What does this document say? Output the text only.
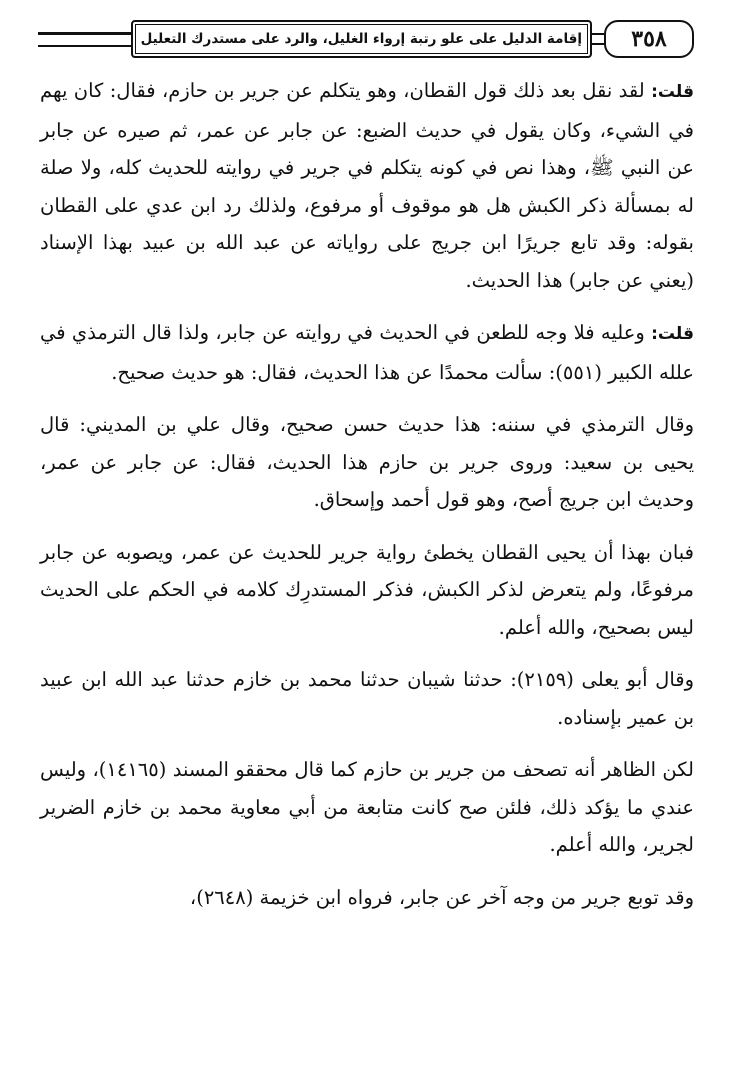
٣٥٨
إقامة الدليل على علو رتبة إرواء الغليل، والرد على مستدرك التعليل

قلت: لقد نقل بعد ذلك قول القطان، وهو يتكلم عن جرير بن حازم، فقال: كان يهم في الشيء، وكان يقول في حديث الضبع: عن جابر عن عمر، ثم صيره عن جابر عن النبي ﷺ، وهذا نص في كونه يتكلم في جرير في روايته للحديث كله، ولا صلة له بمسألة ذكر الكبش هل هو موقوف أو مرفوع، ولذلك رد ابن عدي على القطان بقوله: وقد تابع جريرًا ابن جريج على رواياته عن عبد الله بن عبيد بهذا الإسناد (يعني عن جابر) هذا الحديث.

قلت: وعليه فلا وجه للطعن في الحديث في روايته عن جابر، ولذا قال الترمذي في علله الكبير (٥٥١): سألت محمدًا عن هذا الحديث، فقال: هو حديث صحيح.

وقال الترمذي في سننه: هذا حديث حسن صحيح، وقال علي بن المديني: قال يحيى بن سعيد: وروى جرير بن حازم هذا الحديث، فقال: عن جابر عن عمر، وحديث ابن جريج أصح، وهو قول أحمد وإسحاق.

فبان بهذا أن يحيى القطان يخطئ رواية جرير للحديث عن عمر، ويصوبه عن جابر مرفوعًا، ولم يتعرض لذكر الكبش، فذكر المستدرِك كلامه في الحكم على الحديث ليس بصحيح، والله أعلم.

وقال أبو يعلى (٢١٥٩): حدثنا شيبان حدثنا محمد بن خازم حدثنا عبد الله ابن عبيد بن عمير بإسناده.

لكن الظاهر أنه تصحف من جرير بن حازم كما قال محققو المسند (١٤١٦٥)، وليس عندي ما يؤكد ذلك، فلئن صح كانت متابعة من أبي معاوية محمد بن خازم الضرير لجرير، والله أعلم.

وقد توبع جرير من وجه آخر عن جابر، فرواه ابن خزيمة (٢٦٤٨)،
